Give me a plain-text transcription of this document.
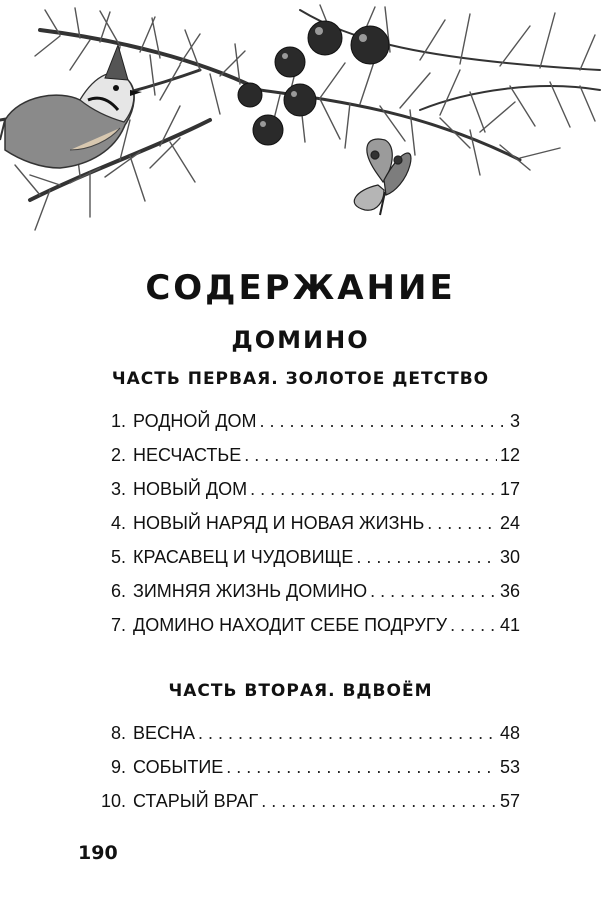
СОДЕРЖАНИЕ
ДОМИНО
ЧАСТЬ ПЕРВАЯ. ЗОЛОТОЕ ДЕТСТВО
1. РОДНОЙ ДОМ . . .	3
2. НЕСЧАСТЬЕ . . .	12
3. НОВЫЙ ДОМ . . .	17
4. НОВЫЙ НАРЯД И НОВАЯ ЖИЗНЬ . . .	24
5. КРАСАВЕЦ И ЧУДОВИЩЕ . . .	30
6. ЗИМНЯЯ ЖИЗНЬ ДОМИНО . . .	36
7. ДОМИНО НАХОДИТ СЕБЕ ПОДРУГУ . . .	41
ЧАСТЬ ВТОРАЯ. ВДВОЁМ
8. ВЕСНА . . .	48
9. СОБЫТИЕ . . .	53
10. СТАРЫЙ ВРАГ . . .	57
190
